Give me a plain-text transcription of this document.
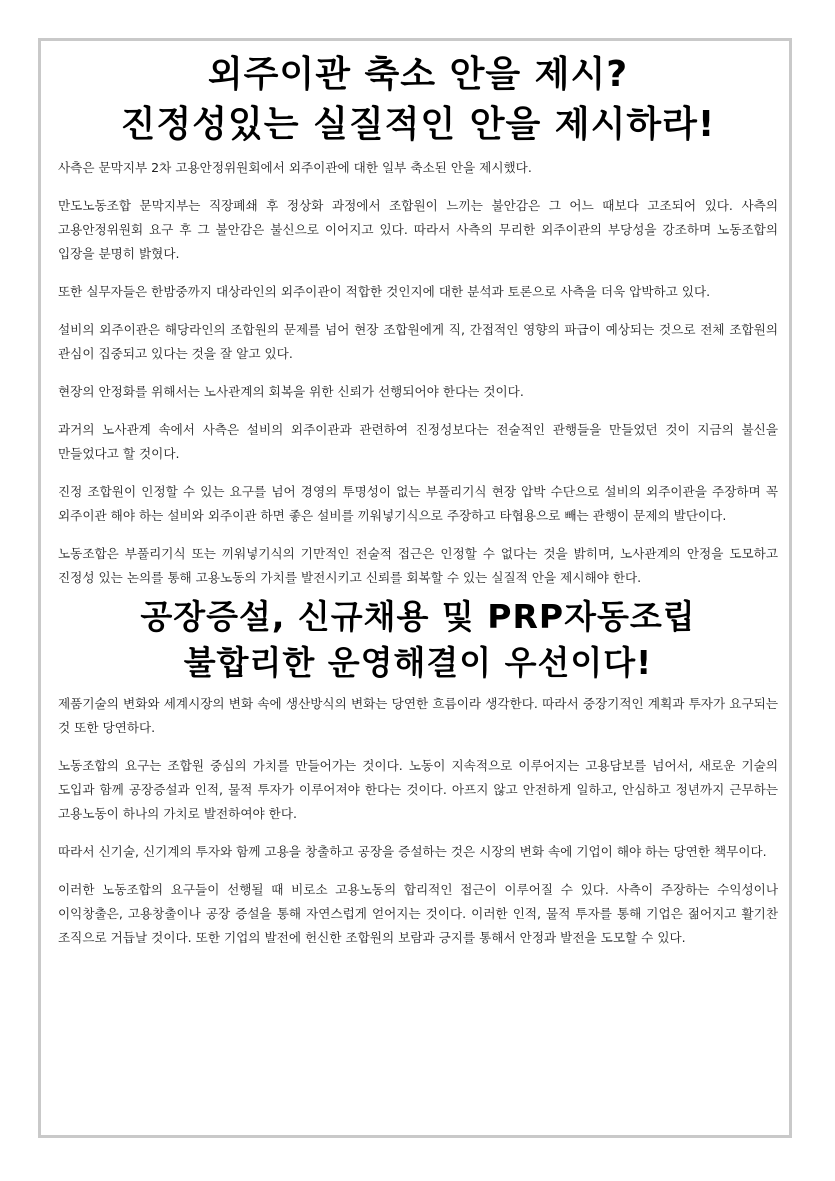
외주이관 축소 안을 제시?
진정성있는 실질적인 안을 제시하라!

사측은 문막지부 2차 고용안정위원회에서 외주이관에 대한 일부 축소된 안을 제시했다.

만도노동조합 문막지부는 직장폐쇄 후 정상화 과정에서 조합원이 느끼는 불안감은 그 어느 때보다 고조되어 있다. 사측의 고용안정위원회 요구 후 그 불안감은 불신으로 이어지고 있다. 따라서 사측의 무리한 외주이관의 부당성을 강조하며 노동조합의 입장을 분명히 밝혔다.

또한 실무자들은 한밤중까지 대상라인의 외주이관이 적합한 것인지에 대한 분석과 토론으로 사측을 더욱 압박하고 있다.

설비의 외주이관은 해당라인의 조합원의 문제를 넘어 현장 조합원에게 직, 간접적인 영향의 파급이 예상되는 것으로 전체 조합원의 관심이 집중되고 있다는 것을 잘 알고 있다.

현장의 안정화를 위해서는 노사관계의 회복을 위한 신뢰가 선행되어야 한다는 것이다.

과거의 노사관계 속에서 사측은 설비의 외주이관과 관련하여 진정성보다는 전술적인 관행들을 만들었던 것이 지금의 불신을 만들었다고 할 것이다.

진정 조합원이 인정할 수 있는 요구를 넘어 경영의 투명성이 없는 부풀리기식 현장 압박 수단으로 설비의 외주이관을 주장하며 꼭 외주이관 해야 하는 설비와 외주이관 하면 좋은 설비를 끼워넣기식으로 주장하고 타협용으로 빼는 관행이 문제의 발단이다.

노동조합은 부풀리기식 또는 끼워넣기식의 기만적인 전술적 접근은 인정할 수 없다는 것을 밝히며, 노사관계의 안정을 도모하고 진정성 있는 논의를 통해 고용노동의 가치를 발전시키고 신뢰를 회복할 수 있는 실질적 안을 제시해야 한다.

공장증설, 신규채용 및 PRP자동조립
불합리한 운영해결이 우선이다!

제품기술의 변화와 세계시장의 변화 속에 생산방식의 변화는 당연한 흐름이라 생각한다. 따라서 중장기적인 계획과 투자가 요구되는 것 또한 당연하다.

노동조합의 요구는 조합원 중심의 가치를 만들어가는 것이다. 노동이 지속적으로 이루어지는 고용담보를 넘어서, 새로운 기술의 도입과 함께 공장증설과 인적, 물적 투자가 이루어져야 한다는 것이다. 아프지 않고 안전하게 일하고, 안심하고 정년까지 근무하는 고용노동이 하나의 가치로 발전하여야 한다.

따라서 신기술, 신기계의 투자와 함께 고용을 창출하고 공장을 증설하는 것은 시장의 변화 속에 기업이 해야 하는 당연한 책무이다.

이러한 노동조합의 요구들이 선행될 때 비로소 고용노동의 합리적인 접근이 이루어질 수 있다. 사측이 주장하는 수익성이나 이익창출은, 고용창출이나 공장 증설을 통해 자연스럽게 얻어지는 것이다. 이러한 인적, 물적 투자를 통해 기업은 젊어지고 활기찬 조직으로 거듭날 것이다. 또한 기업의 발전에 헌신한 조합원의 보람과 긍지를 통해서 안정과 발전을 도모할 수 있다.
